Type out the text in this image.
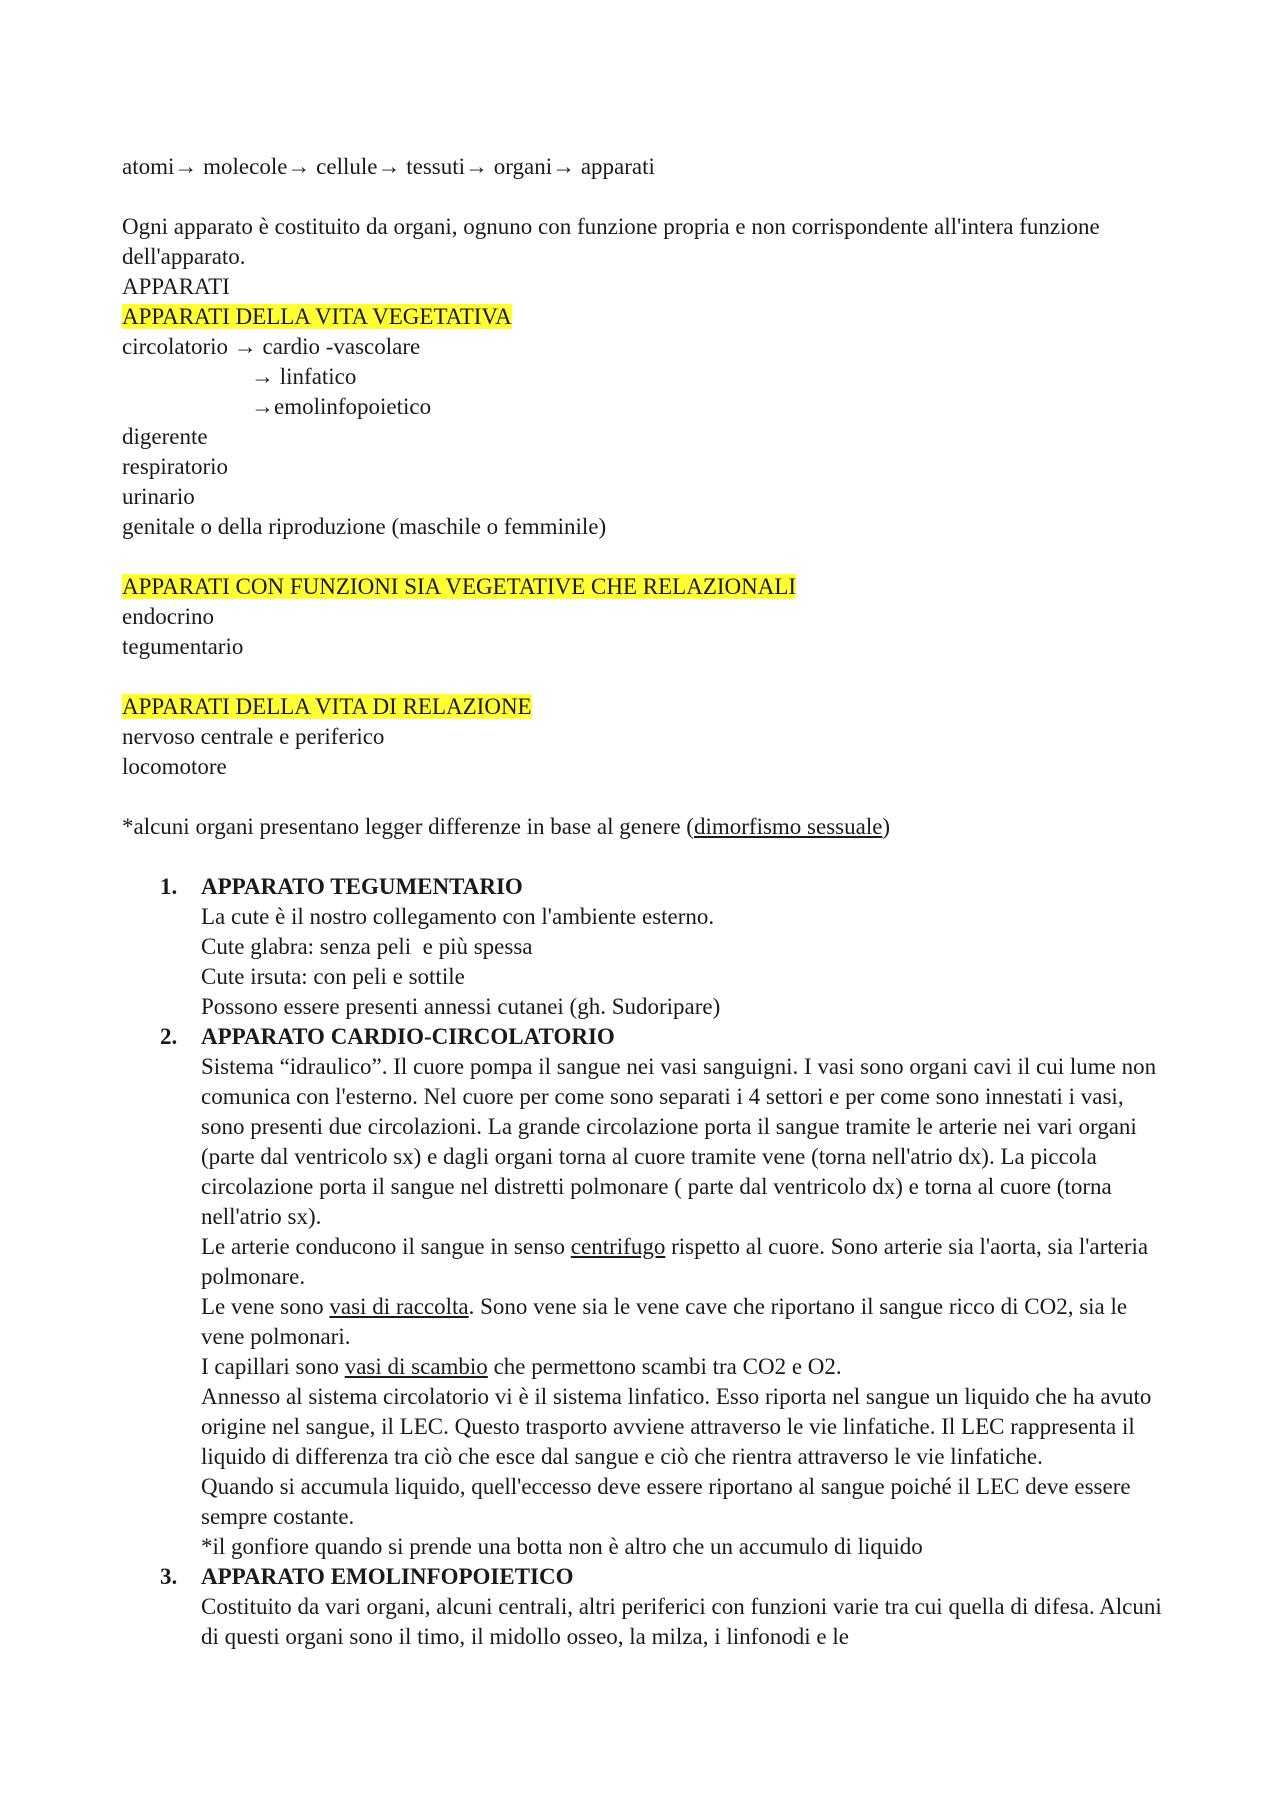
atomi→ molecole→ cellule→ tessuti→ organi→ apparati

Ogni apparato è costituito da organi, ognuno con funzione propria e non corrispondente all'intera funzione dell'apparato.

APPARATI

APPARATI DELLA VITA VEGETATIVA

circolatorio → cardio -vascolare

→ linfatico

→emolinfopoietico

digerente

respiratorio

urinario

genitale o della riproduzione (maschile o femminile)

APPARATI CON FUNZIONI SIA VEGETATIVE CHE RELAZIONALI

endocrino

tegumentario

APPARATI DELLA VITA DI RELAZIONE

nervoso centrale e periferico

locomotore

*alcuni organi presentano legger differenze in base al genere (dimorfismo sessuale)

1. APPARATO TEGUMENTARIO

La cute è il nostro collegamento con l'ambiente esterno.

Cute glabra: senza peli  e più spessa

Cute irsuta: con peli e sottile

Possono essere presenti annessi cutanei (gh. Sudoripare)

2. APPARATO CARDIO-CIRCOLATORIO

Sistema “idraulico”. Il cuore pompa il sangue nei vasi sanguigni. I vasi sono organi cavi il cui lume non comunica con l'esterno. Nel cuore per come sono separati i 4 settori e per come sono innestati i vasi, sono presenti due circolazioni. La grande circolazione porta il sangue tramite le arterie nei vari organi (parte dal ventricolo sx) e dagli organi torna al cuore tramite vene (torna nell'atrio dx). La piccola circolazione porta il sangue nel distretti polmonare ( parte dal ventricolo dx) e torna al cuore (torna nell'atrio sx).

Le arterie conducono il sangue in senso centrifugo rispetto al cuore. Sono arterie sia l'aorta, sia l'arteria polmonare.

Le vene sono vasi di raccolta. Sono vene sia le vene cave che riportano il sangue ricco di CO2, sia le vene polmonari.

I capillari sono vasi di scambio che permettono scambi tra CO2 e O2.

Annesso al sistema circolatorio vi è il sistema linfatico. Esso riporta nel sangue un liquido che ha avuto origine nel sangue, il LEC. Questo trasporto avviene attraverso le vie linfatiche. Il LEC rappresenta il liquido di differenza tra ciò che esce dal sangue e ciò che rientra attraverso le vie linfatiche.

Quando si accumula liquido, quell'eccesso deve essere riportano al sangue poiché il LEC deve essere sempre costante.

*il gonfiore quando si prende una botta non è altro che un accumulo di liquido

3. APPARATO EMOLINFOPOIETICO

Costituito da vari organi, alcuni centrali, altri periferici con funzioni varie tra cui quella di difesa. Alcuni di questi organi sono il timo, il midollo osseo, la milza, i linfonodi e le
